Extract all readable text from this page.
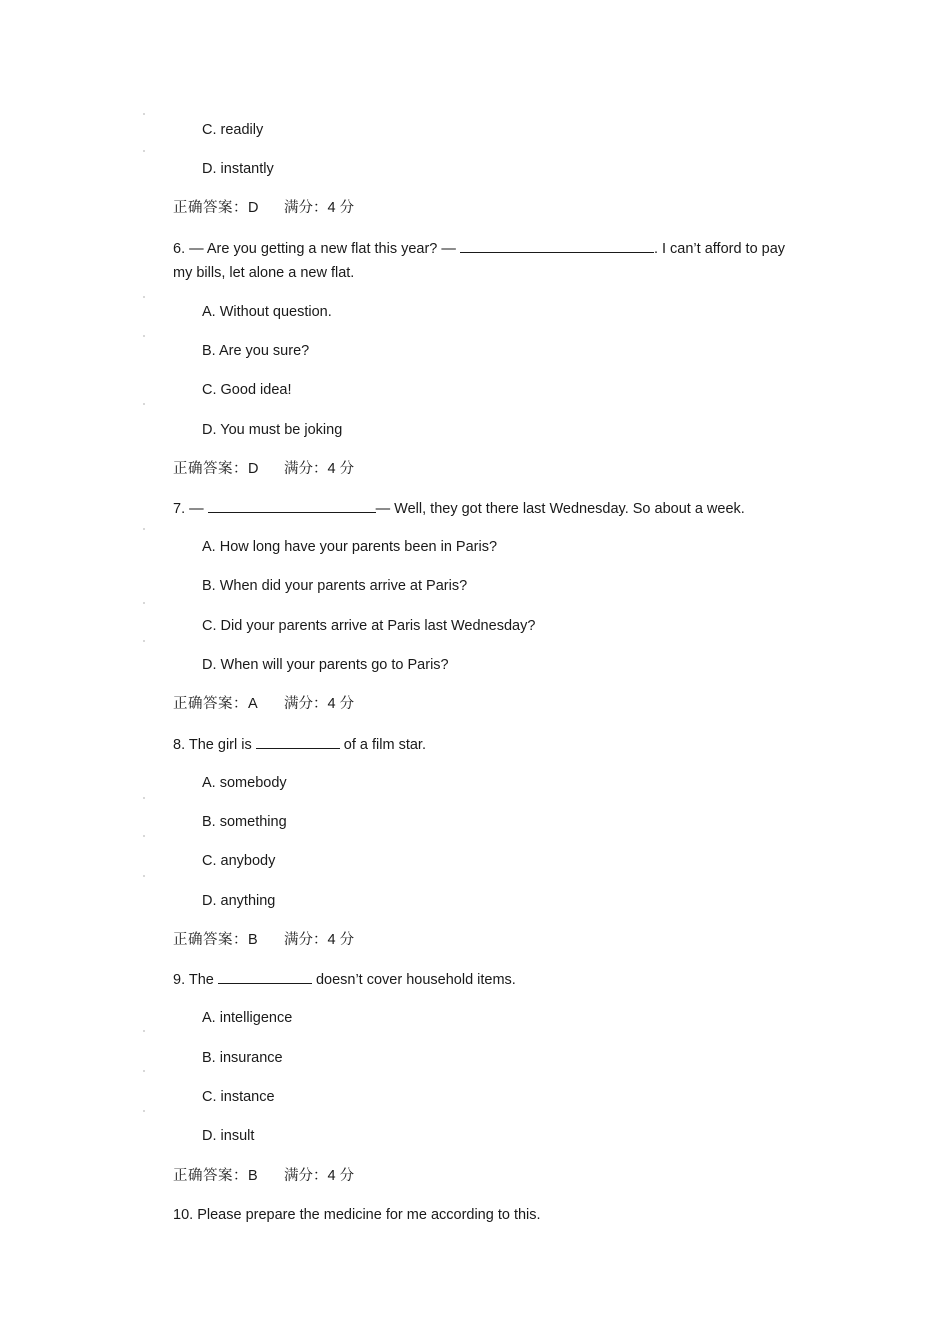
C. readily
D. instantly
正确答案：D 满分：4 分
6. — Are you getting a new flat this year? —	. I can’t afford to pay
my bills, let alone a new flat.
A. Without question.
B. Are you sure?
C. Good idea!
D. You must be joking
正确答案：D 满分：4 分
7. —	— Well, they got there last Wednesday. So about a week.
A. How long have your parents been in Paris?
B. When did your parents arrive at Paris?
C. Did your parents arrive at Paris last Wednesday?
D. When will your parents go to Paris?
正确答案：A 满分：4 分
8. The girl is	of a film star.
A. somebody
B. something
C. anybody
D. anything
正确答案：B 满分：4 分
9. The	doesn’t cover household items.
A. intelligence
B. insurance
C. instance
D. insult
正确答案：B 满分：4 分
10. Please prepare the medicine for me according to this.
